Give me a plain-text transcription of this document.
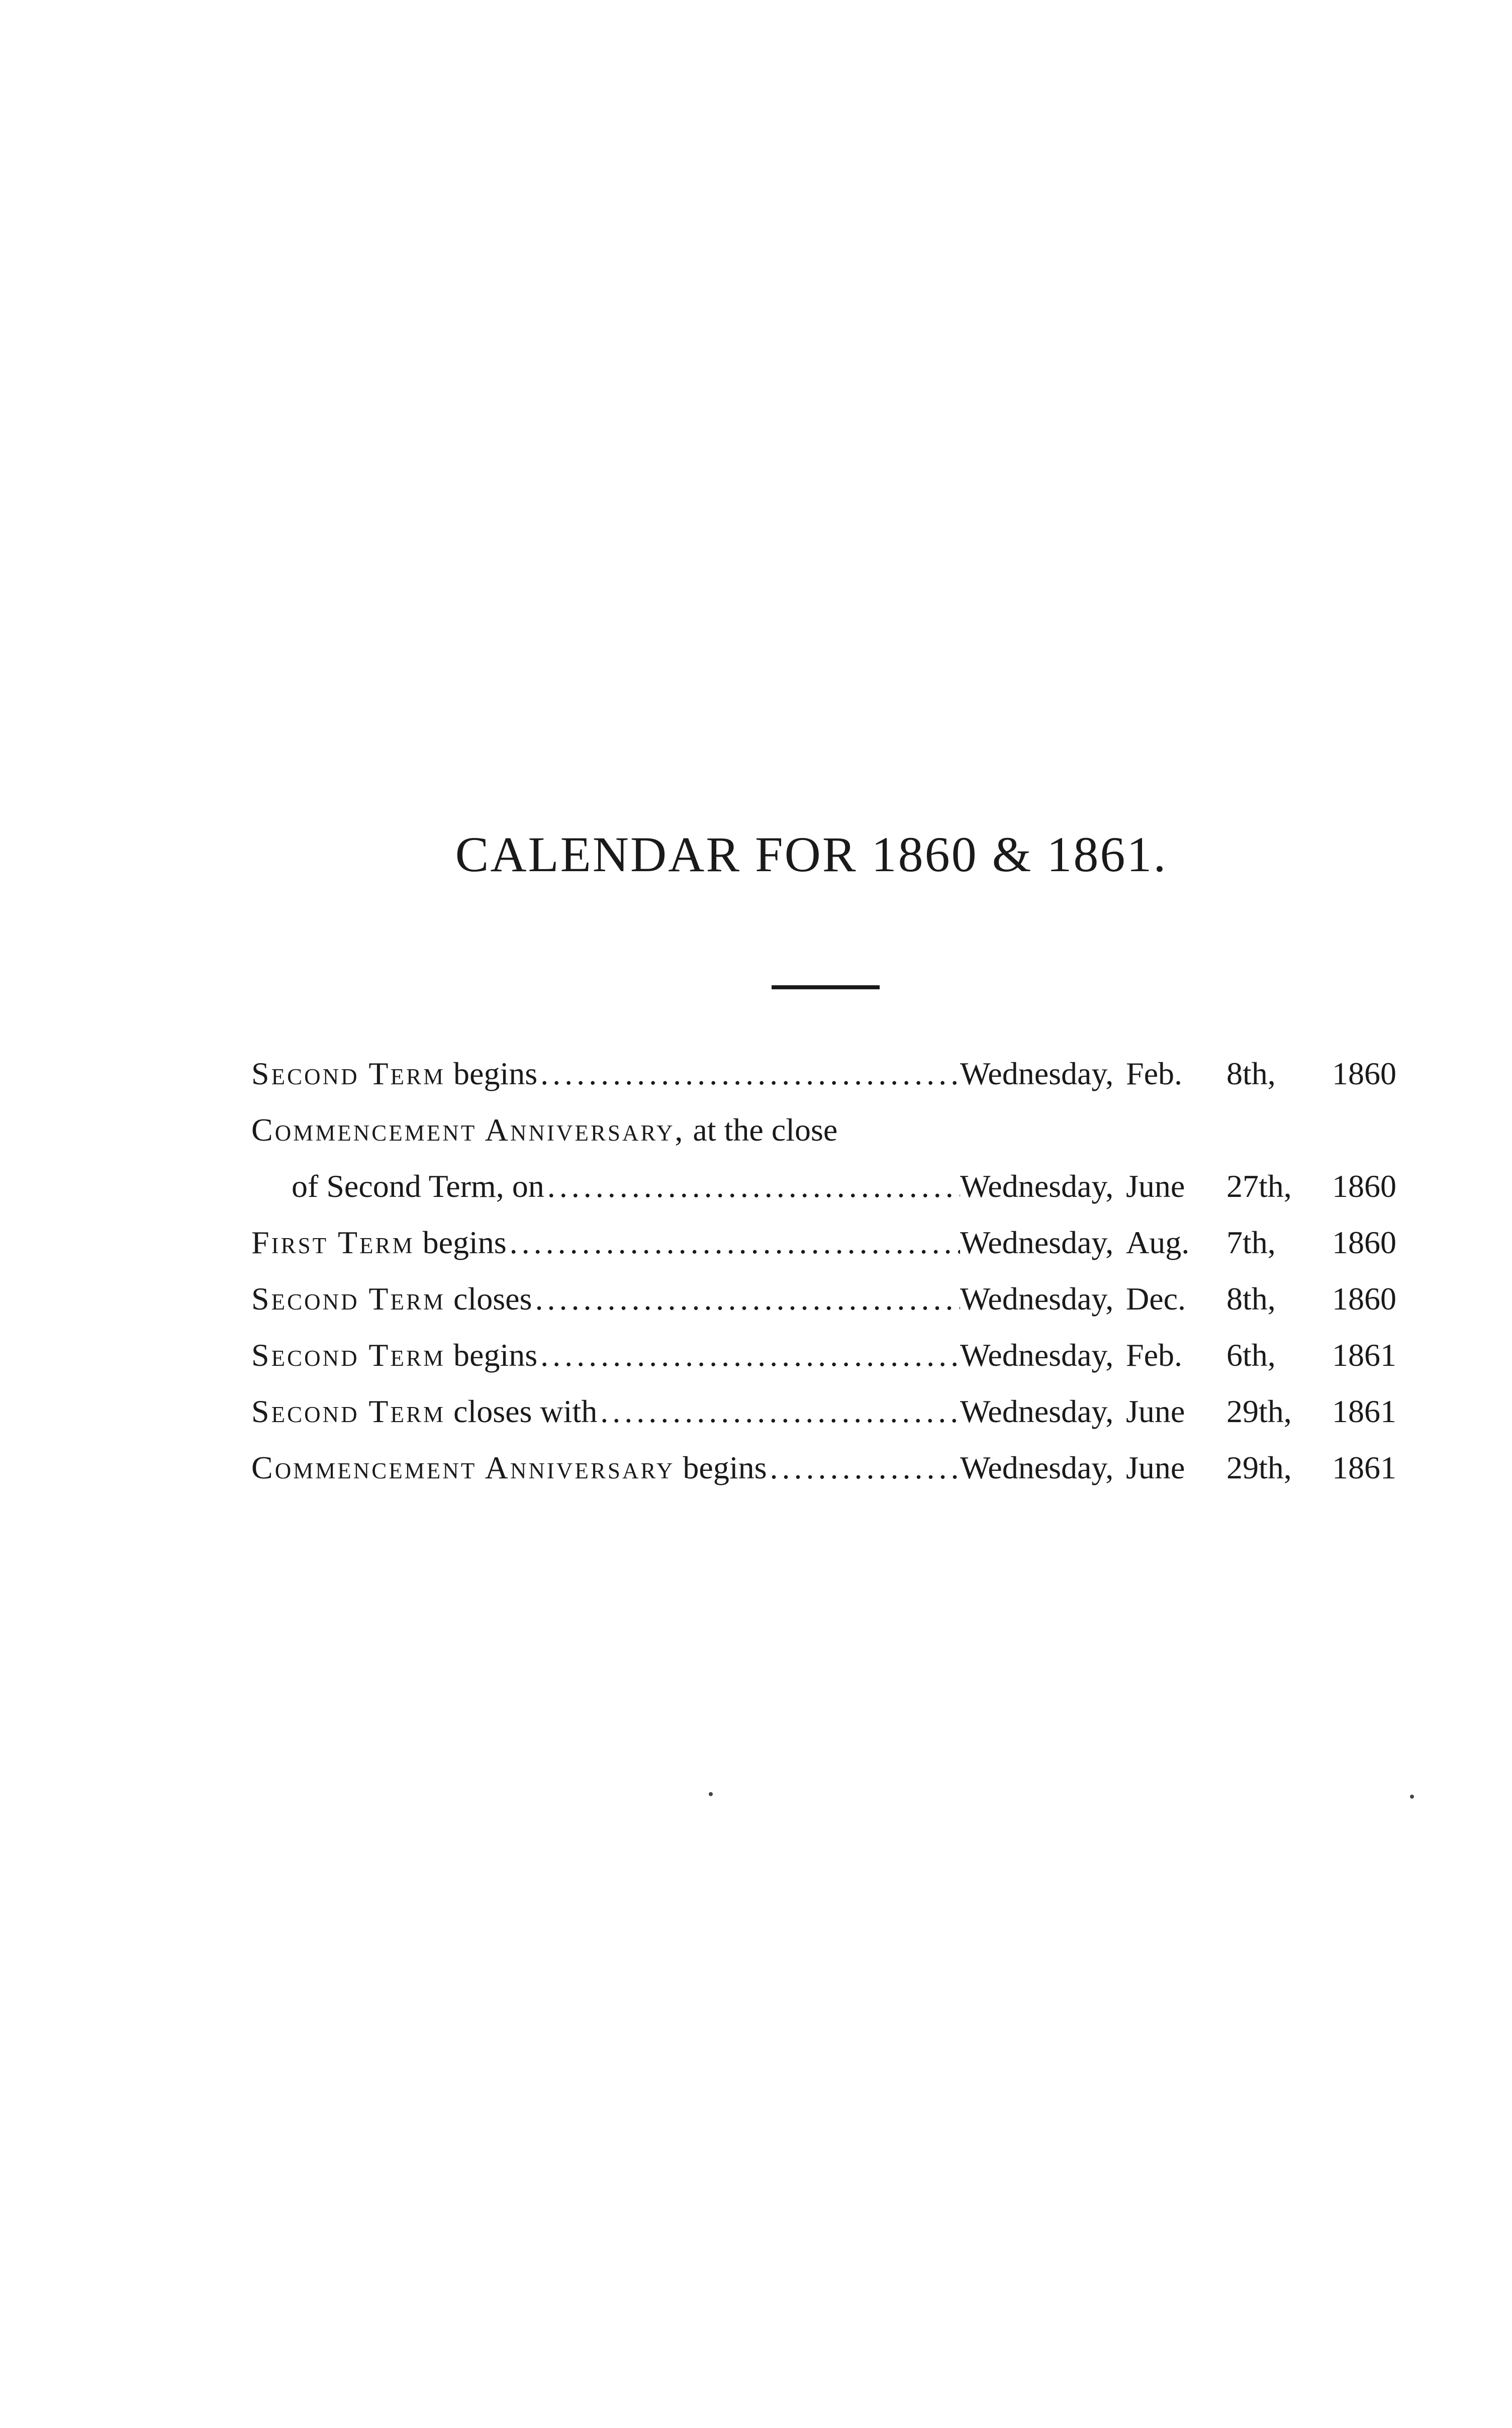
CALENDAR FOR 1860 & 1861.
Second Term begins .....	Wednesday, Feb.	8th,	1860
Commencement Anniversary, at the close
of Second Term, on .....	Wednesday, June	27th,	1860
First Term begins .....	Wednesday, Aug.	7th,	1860
Second Term closes .....	Wednesday, Dec.	8th,	1860
Second Term begins .....	Wednesday, Feb.	6th,	1861
Second Term closes with .....	Wednesday, June	29th,	1861
Commencement Anniversary begins .....	Wednesday, June	29th,	1861
